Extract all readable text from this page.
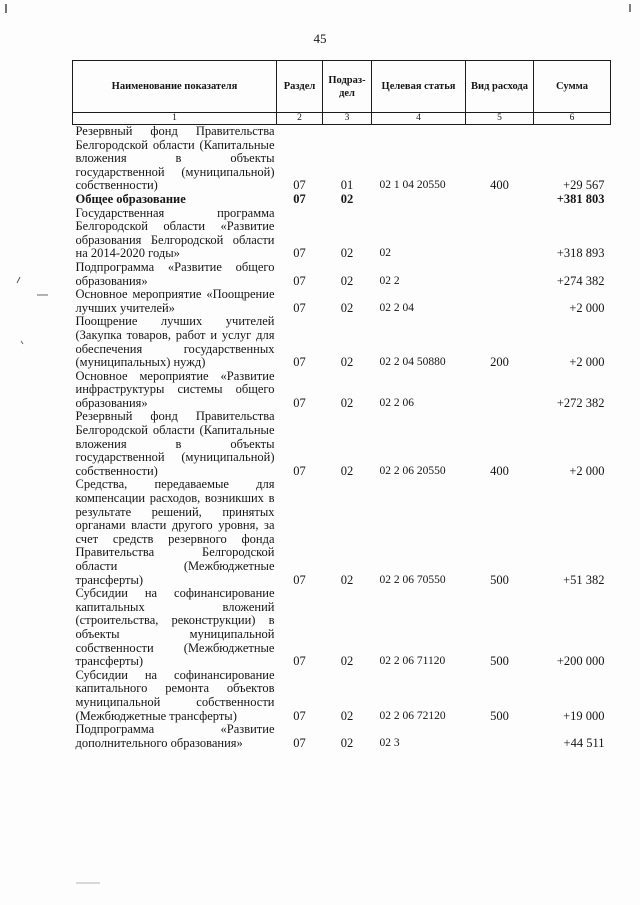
45
Наименование показателя	Раздел	Подраз-дел	Целевая статья	Вид расхода	Сумма
1	2	3	4	5	6
Резервный фонд Правительства Белгородской области (Капитальные вложения в объекты государственной (муниципальной) собственности)	07	01	02 1 04 20550	400	+29 567
Общее образование	07	02			+381 803
Государственная программа Белгородской области «Развитие образования Белгородской области на 2014-2020 годы»	07	02	02		+318 893
Подпрограмма «Развитие общего образования»	07	02	02 2		+274 382
Основное мероприятие «Поощрение лучших учителей»	07	02	02 2 04		+2 000
Поощрение лучших учителей (Закупка товаров, работ и услуг для обеспечения государственных (муниципальных) нужд)	07	02	02 2 04 50880	200	+2 000
Основное мероприятие «Развитие инфраструктуры системы общего образования»	07	02	02 2 06		+272 382
Резервный фонд Правительства Белгородской области (Капитальные вложения в объекты государственной (муниципальной) собственности)	07	02	02 2 06 20550	400	+2 000
Средства, передаваемые для компенсации расходов, возникших в результате решений, принятых органами власти другого уровня, за счет средств резервного фонда Правительства Белгородской области (Межбюджетные трансферты)	07	02	02 2 06 70550	500	+51 382
Субсидии на софинансирование капитальных вложений (строительства, реконструкции) в объекты муниципальной собственности (Межбюджетные трансферты)	07	02	02 2 06 71120	500	+200 000
Субсидии на софинансирование капитального ремонта объектов муниципальной собственности (Межбюджетные трансферты)	07	02	02 2 06 72120	500	+19 000
Подпрограмма «Развитие дополнительного образования»	07	02	02 3		+44 511
